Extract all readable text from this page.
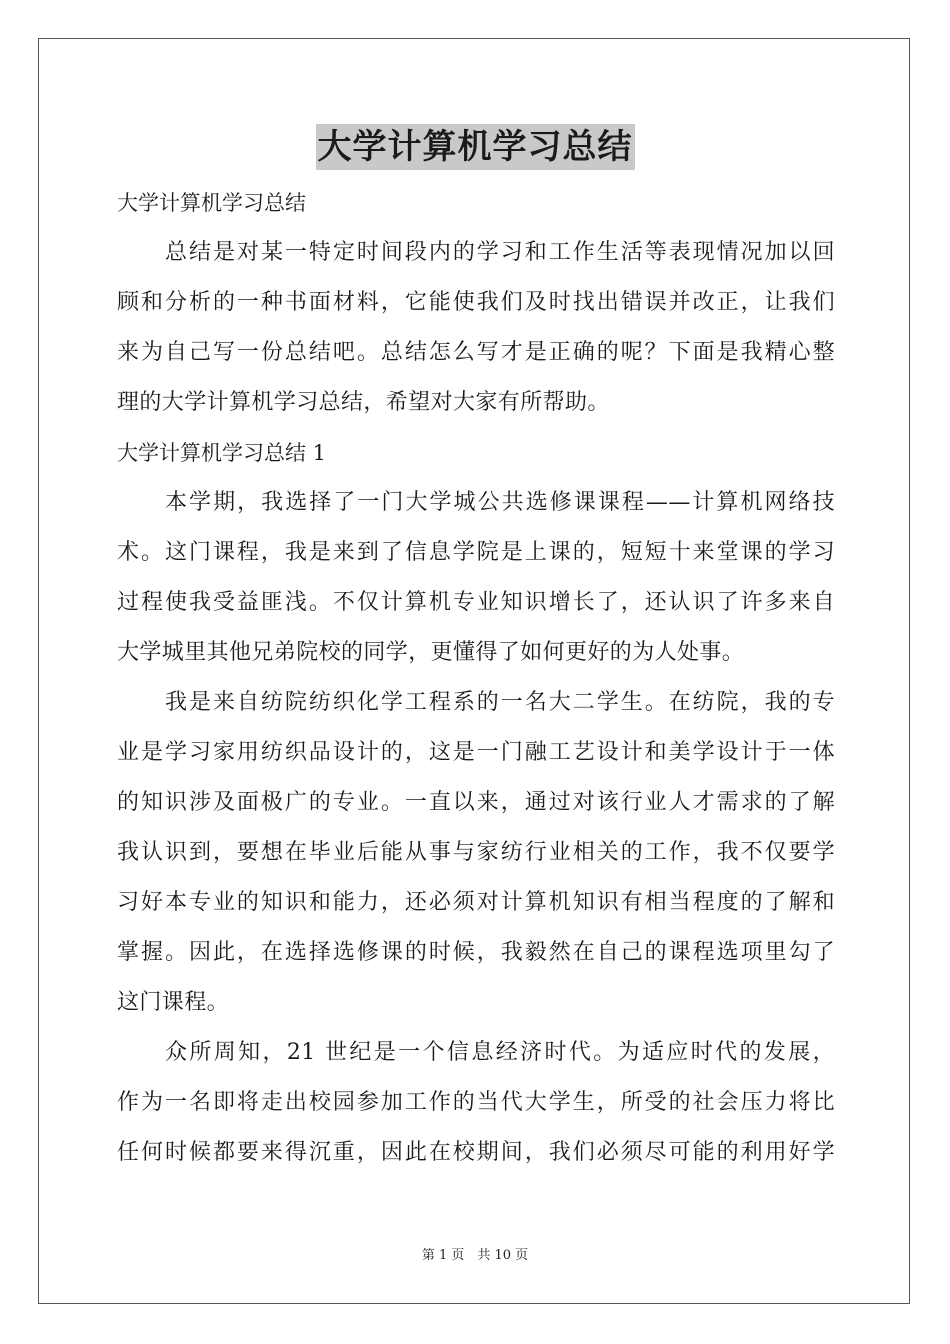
大学计算机学习总结
大学计算机学习总结
总结是对某一特定时间段内的学习和工作生活等表现情况加以回
顾和分析的一种书面材料，它能使我们及时找出错误并改正，让我们
来为自己写一份总结吧。总结怎么写才是正确的呢？下面是我精心整
理的大学计算机学习总结，希望对大家有所帮助。
大学计算机学习总结 1
本学期，我选择了一门大学城公共选修课课程——计算机网络技
术。这门课程，我是来到了信息学院是上课的，短短十来堂课的学习
过程使我受益匪浅。不仅计算机专业知识增长了，还认识了许多来自
大学城里其他兄弟院校的同学，更懂得了如何更好的为人处事。
我是来自纺院纺织化学工程系的一名大二学生。在纺院，我的专
业是学习家用纺织品设计的，这是一门融工艺设计和美学设计于一体
的知识涉及面极广的专业。一直以来，通过对该行业人才需求的了解
我认识到，要想在毕业后能从事与家纺行业相关的工作，我不仅要学
习好本专业的知识和能力，还必须对计算机知识有相当程度的了解和
掌握。因此，在选择选修课的时候，我毅然在自己的课程选项里勾了
这门课程。
众所周知，21 世纪是一个信息经济时代。为适应时代的发展，
作为一名即将走出校园参加工作的当代大学生，所受的社会压力将比
任何时候都要来得沉重，因此在校期间，我们必须尽可能的利用好学
第 1 页　共 10 页
